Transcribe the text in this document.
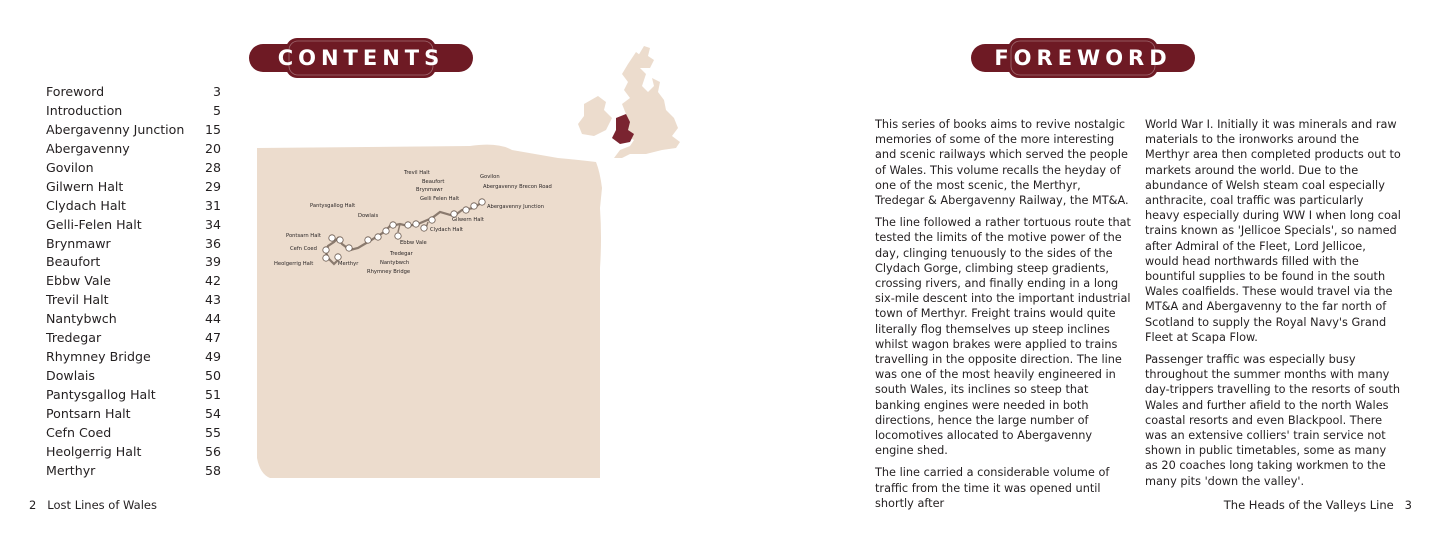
CONTENTS
Foreword	3
Introduction	5
Abergavenny Junction 15
Abergavenny	20
Govilon	28
Gilwern Halt	29
Clydach Halt	31
Gelli-Felen Halt	34
Brynmawr	36
Beaufort	39
Ebbw Vale	42
Trevil Halt	43
Nantybwch	44
Tredegar	47
Rhymney Bridge	49
Dowlais	50
Pantysgallog Halt	51
Pontsarn Halt	54
Cefn Coed	55
Heolgerrig Halt	56
Merthyr	58
Trevil Halt
Beaufort
Govilon
Abergavenny Brecon Road
Brynmawr
Gelli Felen Halt
Abergavenny Junction
Pantysgallog Halt
Gilwern Halt
Dowlais
Clydach Halt
Pontsarn Halt
Ebbw Vale
Cefn Coed
Tredegar
Heolgerrig Halt	Merthyr	Nantybwch
Rhymney Bridge
2 Lost Lines of Wales
FOREWORD

This series of books aims to revive nostalgic memories of some of the more interesting and scenic railways which served the people of Wales. This volume recalls the heyday of one of the most scenic, the Merthyr, Tredegar & Abergavenny Railway, the MT&A.

The line followed a rather tortuous route that tested the limits of the motive power of the day, clinging tenuously to the sides of the Clydach Gorge, climbing steep gradients, crossing rivers, and finally ending in a long six-mile descent into the important industrial town of Merthyr. Freight trains would quite literally flog themselves up steep inclines whilst wagon brakes were applied to trains travelling in the opposite direction. The line was one of the most heavily engineered in south Wales, its inclines so steep that banking engines were needed in both directions, hence the large number of locomotives allocated to Abergavenny engine shed.

The line carried a considerable volume of traffic from the time it was opened until shortly after

World War I. Initially it was minerals and raw materials to the ironworks around the Merthyr area then completed products out to markets around the world. Due to the abundance of Welsh steam coal especially anthracite, coal traffic was particularly heavy especially during WW I when long coal trains known as 'Jellicoe Specials', so named after Admiral of the Fleet, Lord Jellicoe, would head northwards filled with the bountiful supplies to be found in the south Wales coalfields. These would travel via the MT&A and Abergavenny to the far north of Scotland to supply the Royal Navy's Grand Fleet at Scapa Flow.

Passenger traffic was especially busy throughout the summer months with many day-trippers travelling to the resorts of south Wales and further afield to the north Wales coastal resorts and even Blackpool. There was an extensive colliers' train service not shown in public timetables, some as many as 20 coaches long taking workmen to the many pits 'down the valley'.

The Heads of the Valleys Line 3
